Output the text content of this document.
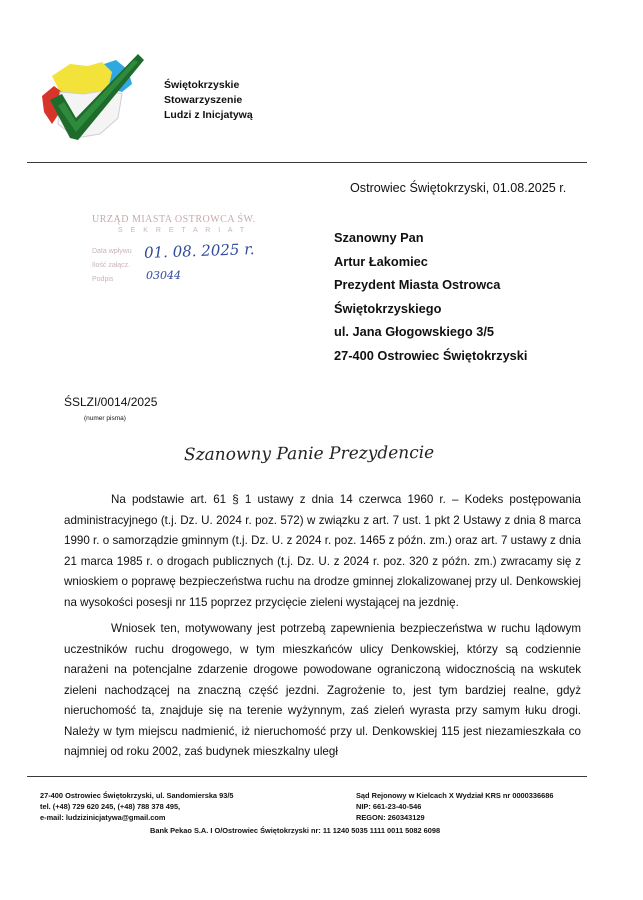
Świętokrzyskie
Stowarzyszenie
Ludzi z Inicjatywą
Ostrowiec Świętokrzyski, 01.08.2025 r.
URZĄD MIASTA OSTROWCA ŚW.
S E K R E T A R I A T
Data wpływu
Ilość załącz.
Podpis
01. 08. 2025 r.
03044
Szanowny Pan
Artur Łakomiec
Prezydent Miasta Ostrowca
Świętokrzyskiego
ul. Jana Głogowskiego 3/5
27-400 Ostrowiec Świętokrzyski
ŚSLZI/0014/2025
(numer pisma)
Szanowny Panie Prezydencie

Na podstawie art. 61 § 1 ustawy z dnia 14 czerwca 1960 r. – Kodeks postępowania administracyjnego (t.j. Dz. U. 2024 r. poz. 572) w związku z art. 7 ust. 1 pkt 2 Ustawy z dnia 8 marca 1990 r. o samorządzie gminnym (t.j. Dz. U. z 2024 r. poz. 1465 z późn. zm.) oraz art. 7 ustawy z dnia 21 marca 1985 r. o drogach publicznych (t.j. Dz. U. z 2024 r. poz. 320 z późn. zm.) zwracamy się z wnioskiem o poprawę bezpieczeństwa ruchu na drodze gminnej zlokalizowanej przy ul. Denkowskiej na wysokości posesji nr 115 poprzez przycięcie zieleni wystającej na jezdnię.

Wniosek ten, motywowany jest potrzebą zapewnienia bezpieczeństwa w ruchu lądowym uczestników ruchu drogowego, w tym mieszkańców ulicy Denkowskiej, którzy są codziennie narażeni na potencjalne zdarzenie drogowe powodowane ograniczoną widocznością na wskutek zieleni nachodzącej na znaczną część jezdni. Zagrożenie to, jest tym bardziej realne, gdyż nieruchomość ta, znajduje się na terenie wyżynnym, zaś zieleń wyrasta przy samym łuku drogi. Należy w tym miejscu nadmienić, iż nieruchomość przy ul. Denkowskiej 115 jest niezamieszkała co najmniej od roku 2002, zaś budynek mieszkalny uległ

27-400 Ostrowiec Świętokrzyski, ul. Sandomierska 93/5
tel. (+48) 729 620 245, (+48) 788 378 495,
e-mail: ludzizinicjatywa@gmail.com
Sąd Rejonowy w Kielcach X Wydział KRS nr 0000336686
NIP: 661-23-40-546
REGON: 260343129
Bank Pekao S.A. I O/Ostrowiec Świętokrzyski nr: 11 1240 5035 1111 0011 5082 6098
